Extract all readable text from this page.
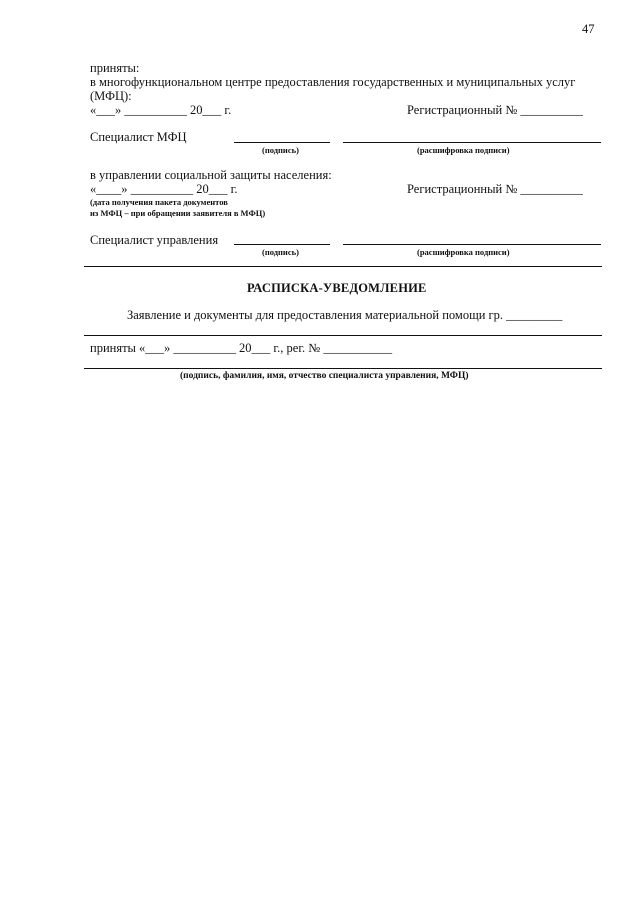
47
приняты:
в многофункциональном центре предоставления государственных и муниципальных услуг
(МФЦ):
«___» __________ 20___ г.	Регистрационный № __________
Специалист МФЦ
(подпись)	(расшифровка подписи)
в управлении социальной защиты населения:
«____» __________ 20___ г.	Регистрационный № __________
(дата получения пакета документов
из МФЦ – при обращении заявителя в МФЦ)
Специалист управления
(подпись)	(расшифровка подписи)
РАСПИСКА-УВЕДОМЛЕНИЕ
Заявление и документы для предоставления материальной помощи гр. _________
приняты «___» __________ 20___ г., рег. № ___________
(подпись, фамилия, имя, отчество специалиста управления, МФЦ)
